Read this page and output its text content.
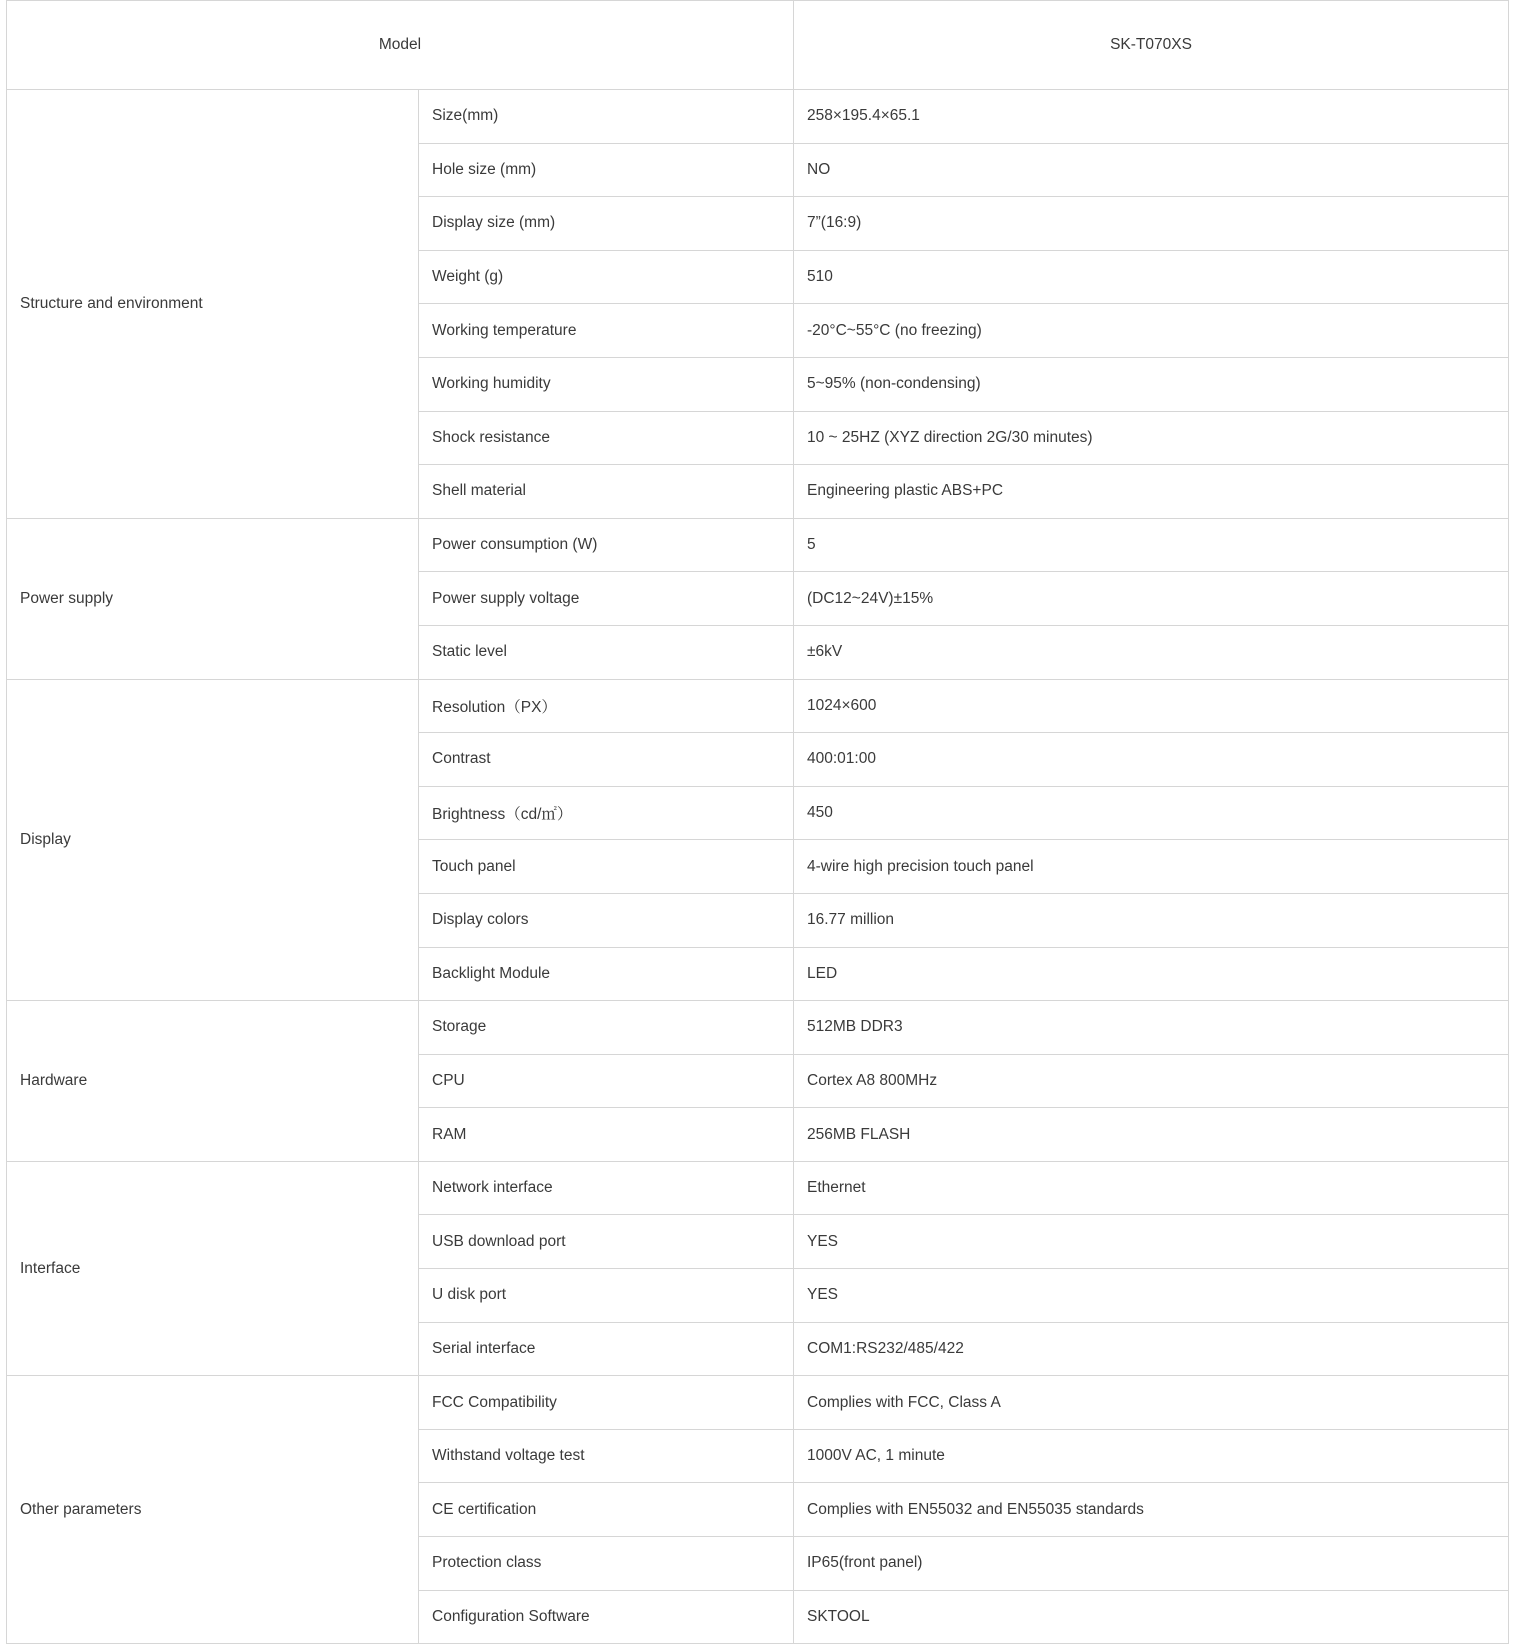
Model		SK-T070XS
Structure and environment	Size(mm)	258×195.4×65.1
	Hole size (mm)	NO
	Display size (mm)	7”(16:9)
	Weight (g)	510
	Working temperature	-20°C~55°C (no freezing)
	Working humidity	5~95% (non-condensing)
	Shock resistance	10 ~ 25HZ (XYZ direction 2G/30 minutes)
	Shell material	Engineering plastic ABS+PC
Power supply	Power consumption (W)	5
	Power supply voltage	(DC12~24V)±15%
	Static level	±6kV
Display	Resolution（PX）	1024×600
	Contrast	400:01:00
	Brightness（cd/㎡）	450
	Touch panel	4-wire high precision touch panel
	Display colors	16.77 million
	Backlight Module	LED
Hardware	Storage	512MB DDR3
	CPU	Cortex A8 800MHz
	RAM	256MB FLASH
Interface	Network interface	Ethernet
	USB download port	YES
	U disk port	YES
	Serial interface	COM1:RS232/485/422
Other parameters	FCC Compatibility	Complies with FCC, Class A
	Withstand voltage test	1000V AC, 1 minute
	CE certification	Complies with EN55032 and EN55035 standards
	Protection class	IP65(front panel)
	Configuration Software	SKTOOL
